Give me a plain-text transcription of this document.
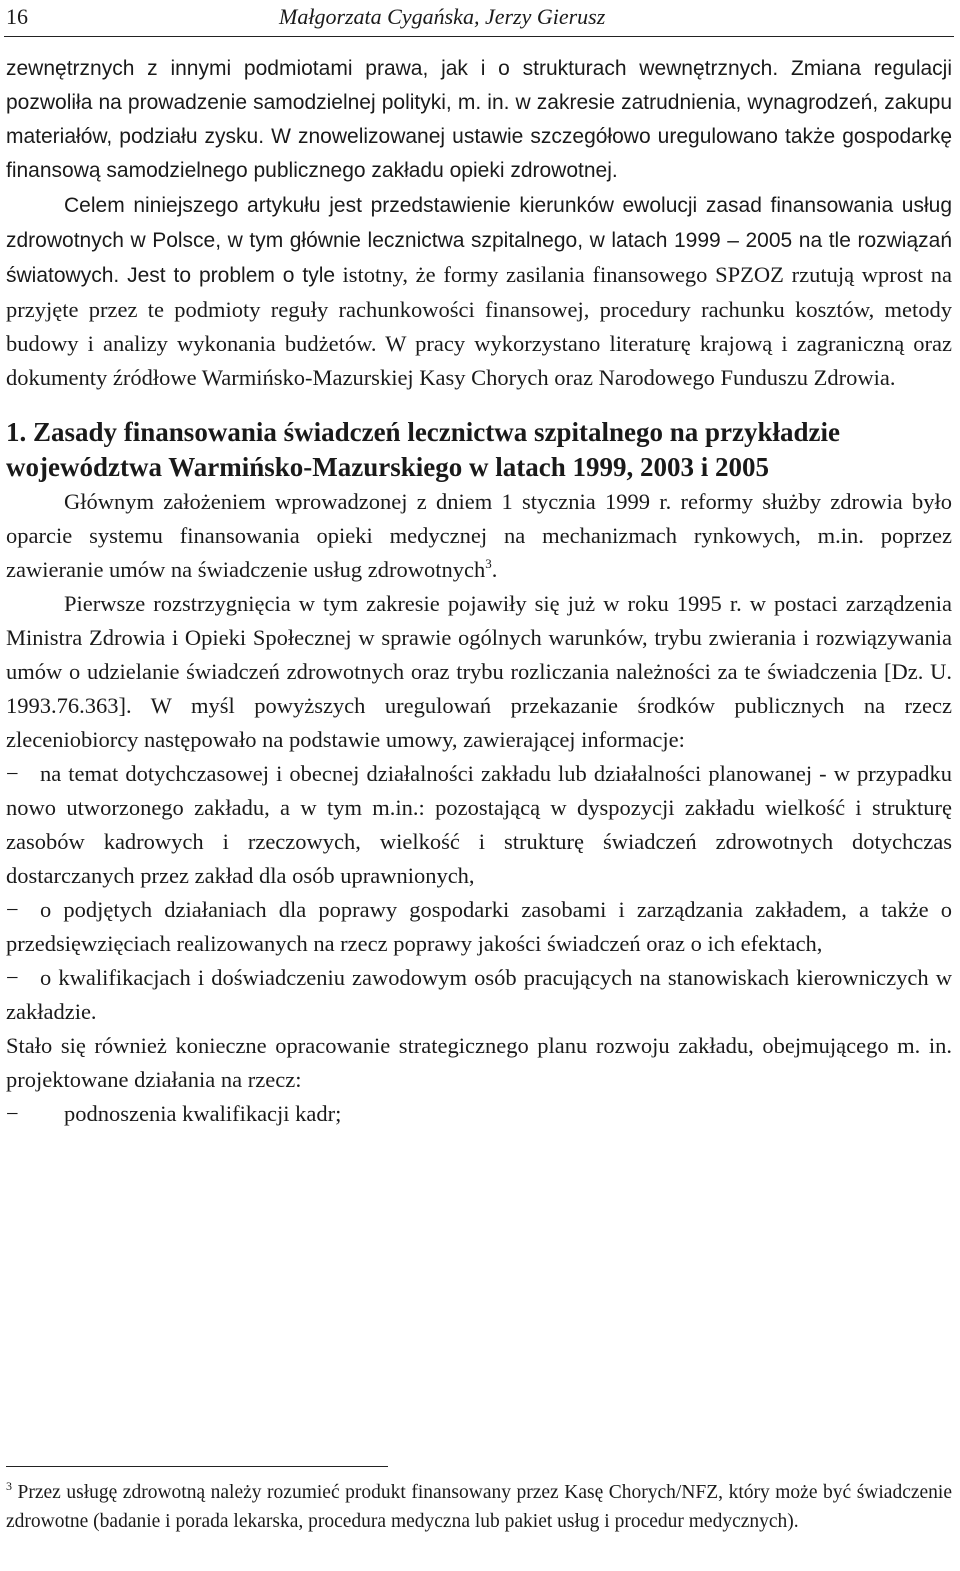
16	Małgorzata Cygańska, Jerzy Gierusz

zewnętrznych z innymi podmiotami prawa, jak i o strukturach wewnętrznych. Zmiana regulacji pozwoliła na prowadzenie samodzielnej polityki, m. in. w zakresie zatrudnienia, wynagrodzeń, zakupu materiałów, podziału zysku. W znowelizowanej ustawie szczegółowo uregulowano także gospodarkę finansową samodzielnego publicznego zakładu opieki zdrowotnej.

Celem niniejszego artykułu jest przedstawienie kierunków ewolucji zasad finansowania usług zdrowotnych w Polsce, w tym głównie lecznictwa szpitalnego, w latach 1999 – 2005 na tle rozwiązań światowych. Jest to problem o tyle istotny, że formy zasilania finansowego SPZOZ rzutują wprost na przyjęte przez te podmioty reguły rachunkowości finansowej, procedury rachunku kosztów, metody budowy i analizy wykonania budżetów. W pracy wykorzystano literaturę krajową i zagraniczną oraz dokumenty źródłowe Warmińsko-Mazurskiej Kasy Chorych oraz Narodowego Funduszu Zdrowia.

1. Zasady finansowania świadczeń lecznictwa szpitalnego na przykładzie województwa Warmińsko-Mazurskiego w latach 1999, 2003 i 2005

Głównym założeniem wprowadzonej z dniem 1 stycznia 1999 r. reformy służby zdrowia było oparcie systemu finansowania opieki medycznej na mechanizmach rynkowych, m.in. poprzez zawieranie umów na świadczenie usług zdrowotnych$^3$.

Pierwsze rozstrzygnięcia w tym zakresie pojawiły się już w roku 1995 r. w postaci zarządzenia Ministra Zdrowia i Opieki Społecznej w sprawie ogólnych warunków, trybu zwierania i rozwiązywania umów o udzielanie świadczeń zdrowotnych oraz trybu rozliczania należności za te świadczenia [Dz. U. 1993.76.363]. W myśl powyższych uregulowań przekazanie środków publicznych na rzecz zleceniobiorcy następowało na podstawie umowy, zawierającej informacje:

− na temat dotychczasowej i obecnej działalności zakładu lub działalności planowanej - w przypadku nowo utworzonego zakładu, a w tym m.in.: pozostającą w dyspozycji zakładu wielkość i strukturę zasobów kadrowych i rzeczowych, wielkość i strukturę świadczeń zdrowotnych dotychczas dostarczanych przez zakład dla osób uprawnionych,

− o podjętych działaniach dla poprawy gospodarki zasobami i zarządzania zakładem, a także o przedsięwzięciach realizowanych na rzecz poprawy jakości świadczeń oraz o ich efektach,

− o kwalifikacjach i doświadczeniu zawodowym osób pracujących na stanowiskach kierowniczych w zakładzie.

Stało się również konieczne opracowanie strategicznego planu rozwoju zakładu, obejmującego m. in. projektowane działania na rzecz:

− podnoszenia kwalifikacji kadr;

$^3$ Przez usługę zdrowotną należy rozumieć produkt finansowany przez Kasę Chorych/NFZ, który może być świadczenie zdrowotne (badanie i porada lekarska, procedura medyczna lub pakiet usług i procedur medycznych).
